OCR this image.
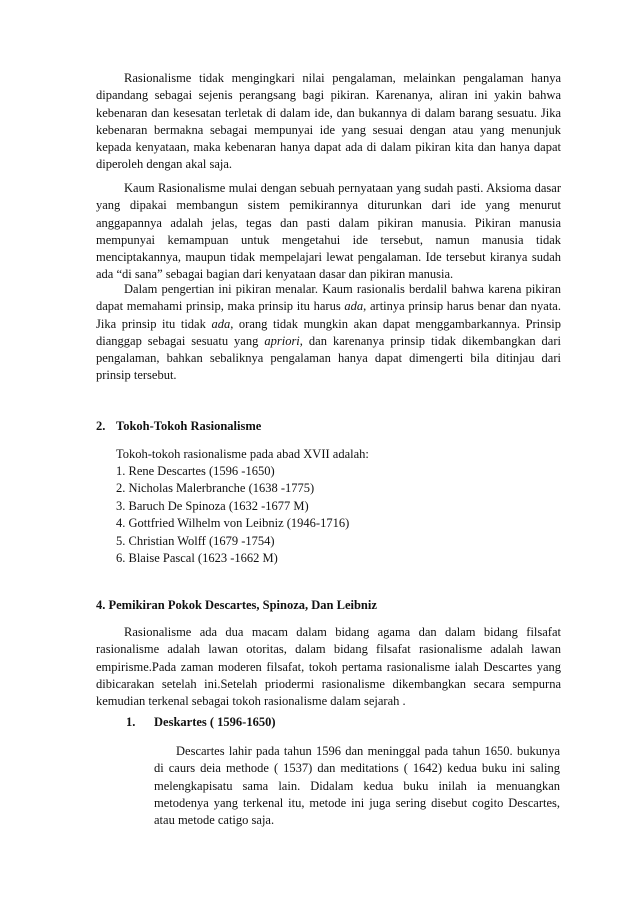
Rasionalisme tidak mengingkari nilai pengalaman, melainkan pengalaman hanya dipandang sebagai sejenis perangsang bagi pikiran. Karenanya, aliran ini yakin bahwa kebenaran dan kesesatan terletak di dalam ide, dan bukannya di dalam barang sesuatu. Jika kebenaran bermakna sebagai mempunyai ide yang sesuai dengan atau yang menunjuk kepada kenyataan, maka kebenaran hanya dapat ada di dalam pikiran kita dan hanya dapat diperoleh dengan akal saja.

Kaum Rasionalisme mulai dengan sebuah pernyataan yang sudah pasti. Aksioma dasar yang dipakai membangun sistem pemikirannya diturunkan dari ide yang menurut anggapannya adalah jelas, tegas dan pasti dalam pikiran manusia. Pikiran manusia mempunyai kemampuan untuk mengetahui ide tersebut, namun manusia tidak menciptakannya, maupun tidak mempelajari lewat pengalaman. Ide tersebut kiranya sudah ada “di sana” sebagai bagian dari kenyataan dasar dan pikiran manusia.

Dalam pengertian ini pikiran menalar. Kaum rasionalis berdalil bahwa karena pikiran dapat memahami prinsip, maka prinsip itu harus ada, artinya prinsip harus benar dan nyata. Jika prinsip itu tidak ada, orang tidak mungkin akan dapat menggambarkannya. Prinsip dianggap sebagai sesuatu yang apriori, dan karenanya prinsip tidak dikembangkan dari pengalaman, bahkan sebaliknya pengalaman hanya dapat dimengerti bila ditinjau dari prinsip tersebut.

2. Tokoh-Tokoh Rasionalisme

Tokoh-tokoh rasionalisme pada abad XVII adalah:

1. Rene Descartes (1596 -1650)
2. Nicholas Malerbranche (1638 -1775)
3. Baruch De Spinoza (1632 -1677 M)
4. Gottfried Wilhelm von Leibniz (1946-1716)
5. Christian Wolff (1679 -1754)
6. Blaise Pascal (1623 -1662 M)
4. Pemikiran Pokok Descartes, Spinoza, Dan Leibniz

Rasionalisme ada dua macam dalam bidang agama dan dalam bidang filsafat rasionalisme adalah lawan otoritas, dalam bidang filsafat rasionalisme adalah lawan empirisme.Pada zaman moderen filsafat, tokoh pertama rasionalisme ialah Descartes yang dibicarakan setelah ini.Setelah priodermi rasionalisme dikembangkan secara sempurna kemudian terkenal sebagai tokoh rasionalisme dalam sejarah .

1. Deskartes ( 1596-1650)

Descartes lahir pada tahun 1596 dan meninggal pada tahun 1650. bukunya di caurs deia methode ( 1537) dan meditations ( 1642) kedua buku ini saling melengkapisatu sama lain. Didalam kedua buku inilah ia menuangkan metodenya yang terkenal itu, metode ini juga sering disebut cogito Descartes, atau metode catigo saja.
